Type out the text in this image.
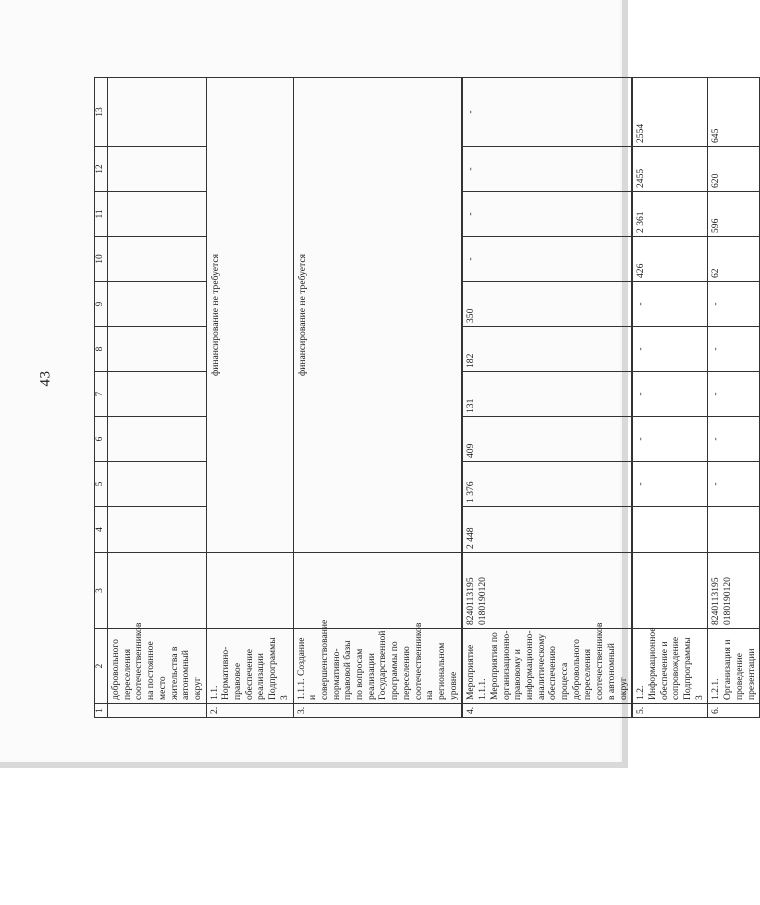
43
1	2	3	4	5	6	7	8	9	10	11	12	13
	добровольного переселения соотечественников на постоянное место жительства в автономный округ											
2.	1.1. Нормативно-правовое обеспечение реализации Подпрограммы 3		финансирование не требуется									
3.	1.1.1. Создание и совершенствование нормативно-правовой базы по вопросам реализации Государственной программы по переселению соотечественников на региональном уровне		финансирование не требуется									
4.	Мероприятие 1.1.1. Мероприятия по организационно-правовому и информационно-аналитическому обеспечению процесса добровольного переселения соотечественников в автономный округ	8240113195 0180190120	2 448	1 376	409	131	182	350	-	-	-	-
5.	1.2. Информационное обеспечение и сопровождение Подпрограммы 3			-	-	-	-	-	426	2 361	2455	2554
6.	1.2.1. Организация и проведение презентации	8240113195 0180190120		-	-	-	-	-	62	596	620	645
